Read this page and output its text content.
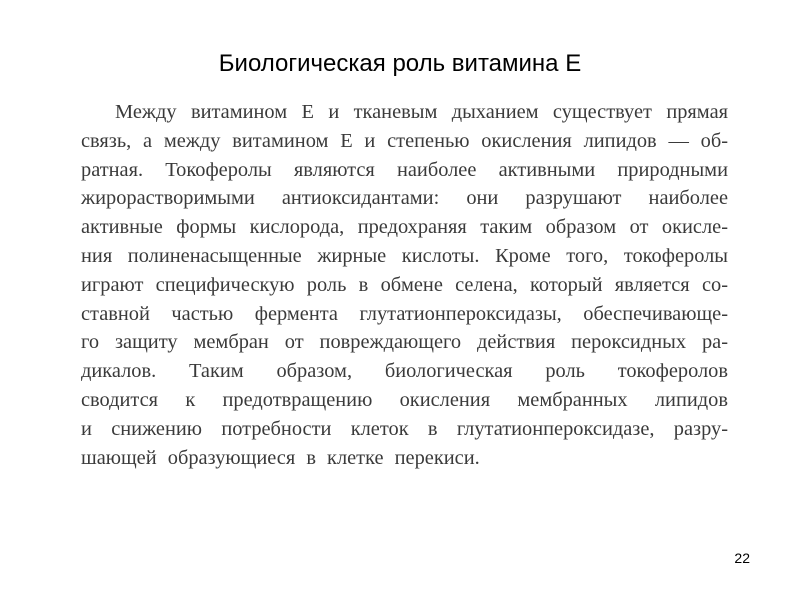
Биологическая роль витамина Е
Между витамином Е и тканевым дыханием существует прямая
связь, а между витамином Е и степенью окисления липидов — об-
ратная. Токоферолы являются наиболее активными природными
жирорастворимыми антиоксидантами: они разрушают наиболее
активные формы кислорода, предохраняя таким образом от окисле-
ния полиненасыщенные жирные кислоты. Кроме того, токоферолы
играют специфическую роль в обмене селена, который является со-
ставной частью фермента глутатионпероксидазы, обеспечивающе-
го защиту мембран от повреждающего действия пероксидных ра-
дикалов. Таким образом, биологическая роль токоферолов
сводится к предотвращению окисления мембранных липидов
и снижению потребности клеток в глутатионпероксидазе, разру-
шающей образующиеся в клетке перекиси.
22
